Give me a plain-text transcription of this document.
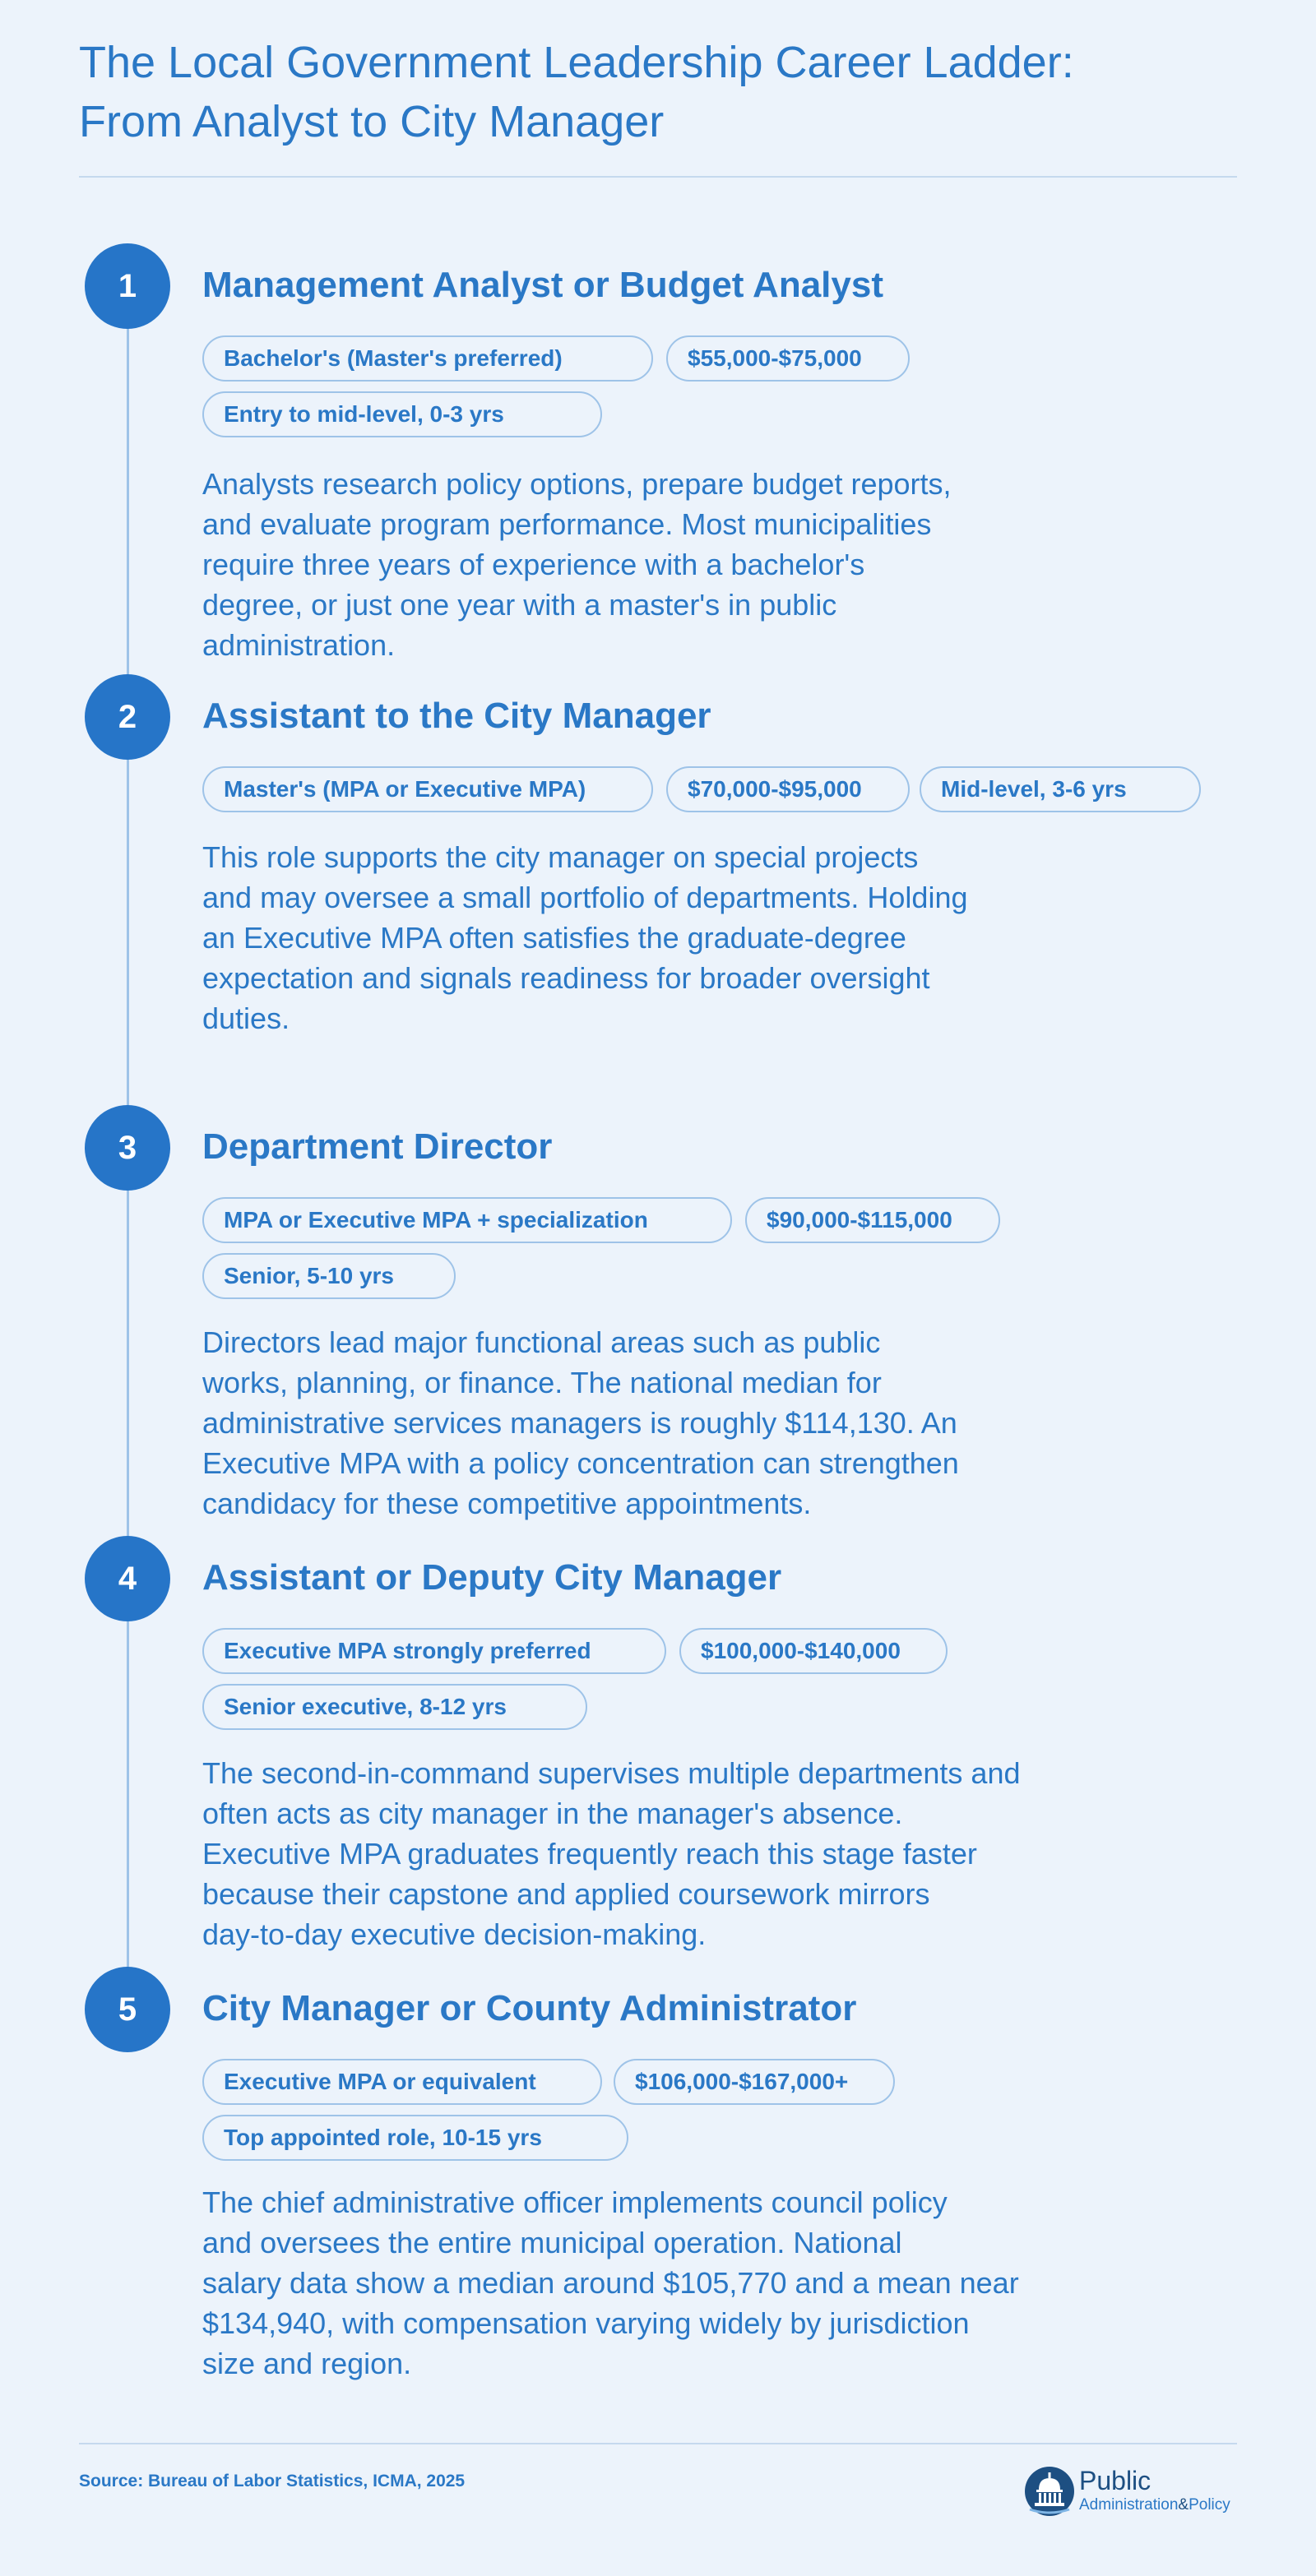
The Local Government Leadership Career Ladder:
From Analyst to City Manager
1	Management Analyst or Budget Analyst
Bachelor's (Master's preferred)	$55,000-$75,000
Entry to mid-level, 0-3 yrs

Analysts research policy options, prepare budget reports,
and evaluate program performance. Most municipalities
require three years of experience with a bachelor's
degree, or just one year with a master's in public
administration.

2	Assistant to the City Manager
Master's (MPA or Executive MPA)	$70,000-$95,000	Mid-level, 3-6 yrs

This role supports the city manager on special projects
and may oversee a small portfolio of departments. Holding
an Executive MPA often satisfies the graduate-degree
expectation and signals readiness for broader oversight
duties.

3	Department Director
MPA or Executive MPA + specialization	$90,000-$115,000
Senior, 5-10 yrs

Directors lead major functional areas such as public
works, planning, or finance. The national median for
administrative services managers is roughly $114,130. An
Executive MPA with a policy concentration can strengthen
candidacy for these competitive appointments.

4	Assistant or Deputy City Manager
Executive MPA strongly preferred	$100,000-$140,000
Senior executive, 8-12 yrs

The second-in-command supervises multiple departments and
often acts as city manager in the manager's absence.
Executive MPA graduates frequently reach this stage faster
because their capstone and applied coursework mirrors
day-to-day executive decision-making.

5	City Manager or County Administrator
Executive MPA or equivalent	$106,000-$167,000+
Top appointed role, 10-15 yrs

The chief administrative officer implements council policy
and oversees the entire municipal operation. National
salary data show a median around $105,770 and a mean near
$134,940, with compensation varying widely by jurisdiction
size and region.

Source: Bureau of Labor Statistics, ICMA, 2025	Public
Administration&Policy
